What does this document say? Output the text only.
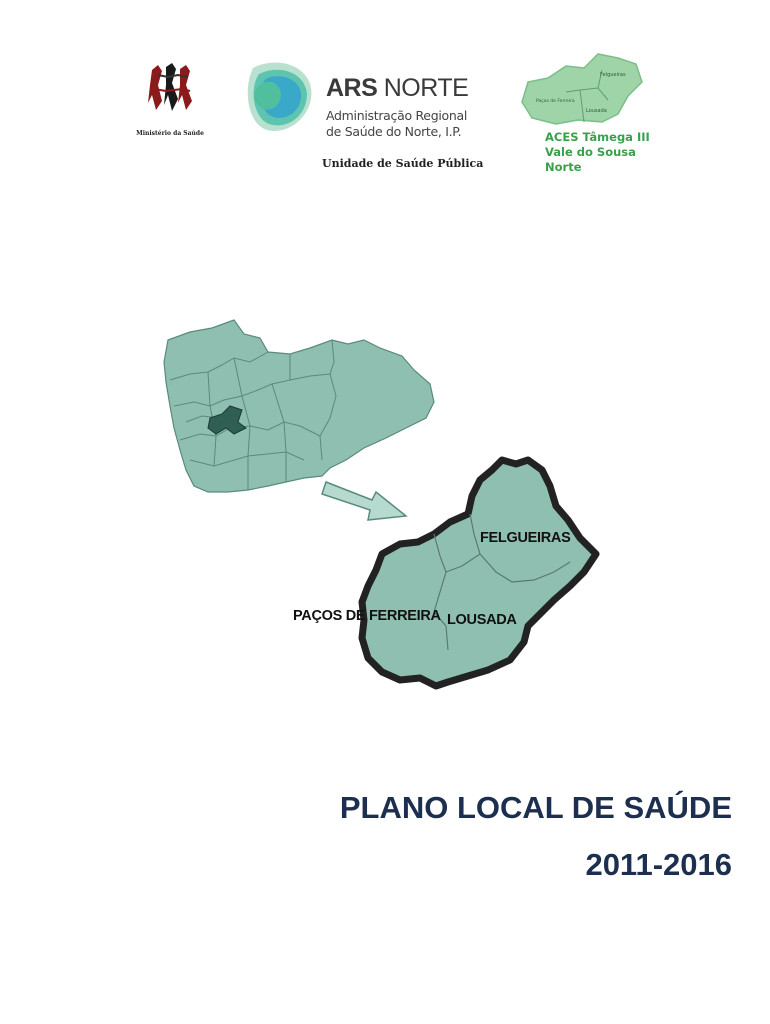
Ministério da Saúde
ARS NORTE
Administração Regional
de Saúde do Norte, I.P.
Unidade de Saúde Pública
Felgueiras
Paços de Ferreira
Lousada
ACES Tâmega III
Vale do Sousa
Norte
FELGUEIRAS
PAÇOS DE FERREIRA LOUSADA
PLANO LOCAL DE SAÚDE
2011-2016
